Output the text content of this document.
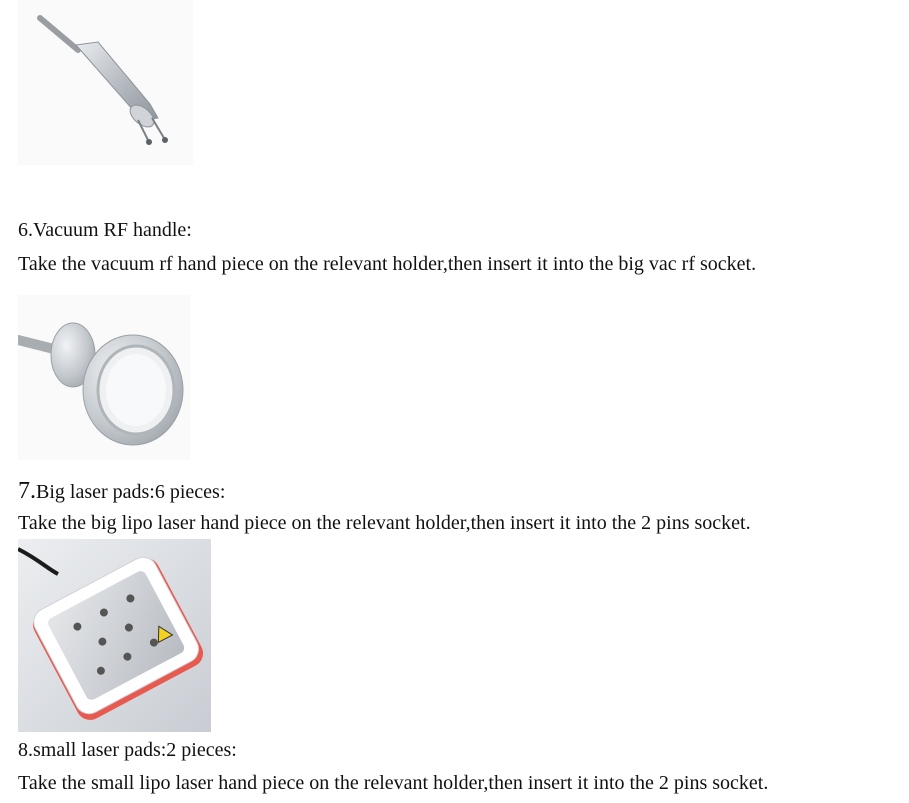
6.Vacuum RF handle:
Take the vacuum rf hand piece on the relevant holder,then insert it into the big vac rf socket.
7.Big laser pads:6 pieces:
Take the big lipo laser hand piece on the relevant holder,then insert it into the 2 pins socket.
8.small laser pads:2 pieces:
Take the small lipo laser hand piece on the relevant holder,then insert it into the 2 pins socket.
